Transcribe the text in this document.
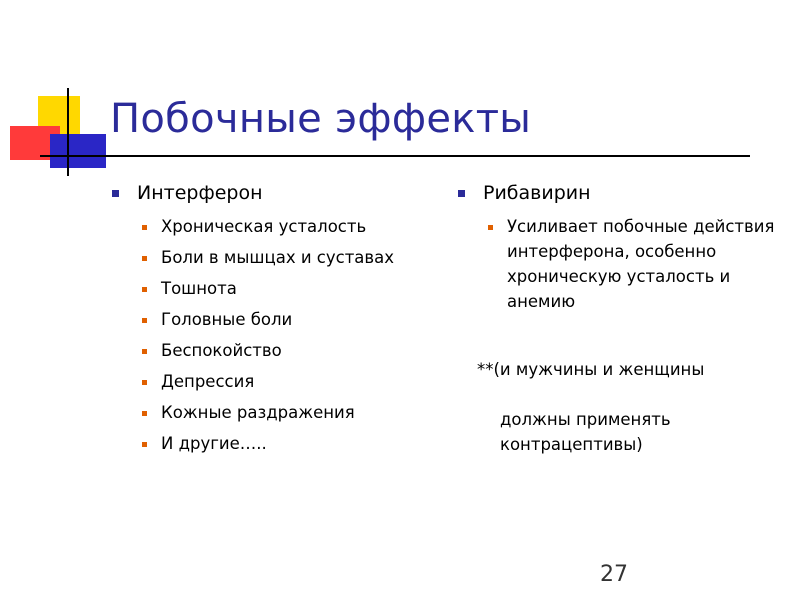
Побочные эффекты
Интерферон
Хроническая усталость
Боли в мышцах и суставах
Тошнота
Головные боли
Беспокойство
Депрессия
Кожные раздражения
И другие…..
Рибавирин
Усиливает побочные действия интерферона, особенно хроническую усталость и анемию

**(и мужчины и женщины

должны применять контрацептивы)

27
